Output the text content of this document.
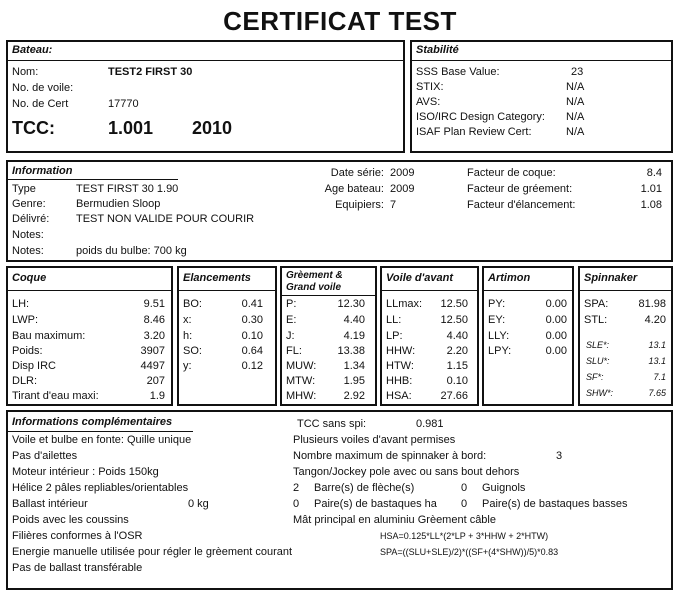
CERTIFICAT TEST
Bateau:
Nom:	TEST2 FIRST 30
No. de voile:
No. de Cert	17770
TCC:	1.001 2010
Stabilité
SSS Base Value:	23
STIX:	N/A
AVS:	N/A
ISO/IRC Design Category: N/A
ISAF Plan Review Cert:	N/A
Information
Type	TEST FIRST 30 1.90
Genre:	Bermudien Sloop
Délivré: TEST NON VALIDE POUR COURIR
Notes:
Notes:	poids du bulbe: 700 kg
Date série: 2009
Age bateau: 2009
Equipiers: 7
Facteur de coque:	8.4
Facteur de gréement:	1.01
Facteur d'élancement:	1.08
Coque
LH:	9.51
LWP:	8.46
Bau maximum:	3.20
Poids:	3907
Disp IRC	4497
DLR:	207
Tirant d'eau maxi:	1.9
Elancements
BO:	0.41
x:	0.30
h:	0.10
SO:	0.64
y:	0.12
Grèement &
Grand voile
P:	12.30
E:	4.40
J:	4.19
FL:	13.38
MUW:	1.34
MTW:	1.95
MHW:	2.92
Voile d'avant
LLmax:	12.50
LL:	12.50
LP:	4.40
HHW:	2.20
HTW:	1.15
HHB:	0.10
HSA:	27.66
Artimon
PY:	0.00
EY:	0.00
LLY:	0.00
LPY:	0.00
Spinnaker
SPA:	81.98
STL:	4.20
SLE*:	13.1
SLU*:	13.1
SF*:	7.1
SHW*:	7.65
Informations complémentaires
Voile et bulbe en fonte: Quille unique
Pas d'ailettes
Moteur intérieur : Poids 150kg
Hélice 2 pâles repliables/orientables
Ballast intérieur	0 kg
Poids avec les coussins
Filières conformes à l'OSR
Energie manuelle utilisée pour régler le grèement courant
Pas de ballast transférable
TCC sans spi:	0.981
Plusieurs voiles d'avant permises
Nombre maximum de spinnaker à bord:	3
Tangon/Jockey pole avec ou sans bout dehors
2 Barre(s) de flèche(s)	0 Guignols
0 Paire(s) de bastaques ha 0 Paire(s) de bastaques basses
Mât principal en aluminiu Grèement câble
HSA=0.125*LL*(2*LP + 3*HHW + 2*HTW)
SPA=((SLU+SLE)/2)*((SF+(4*SHW))/5)*0.83
